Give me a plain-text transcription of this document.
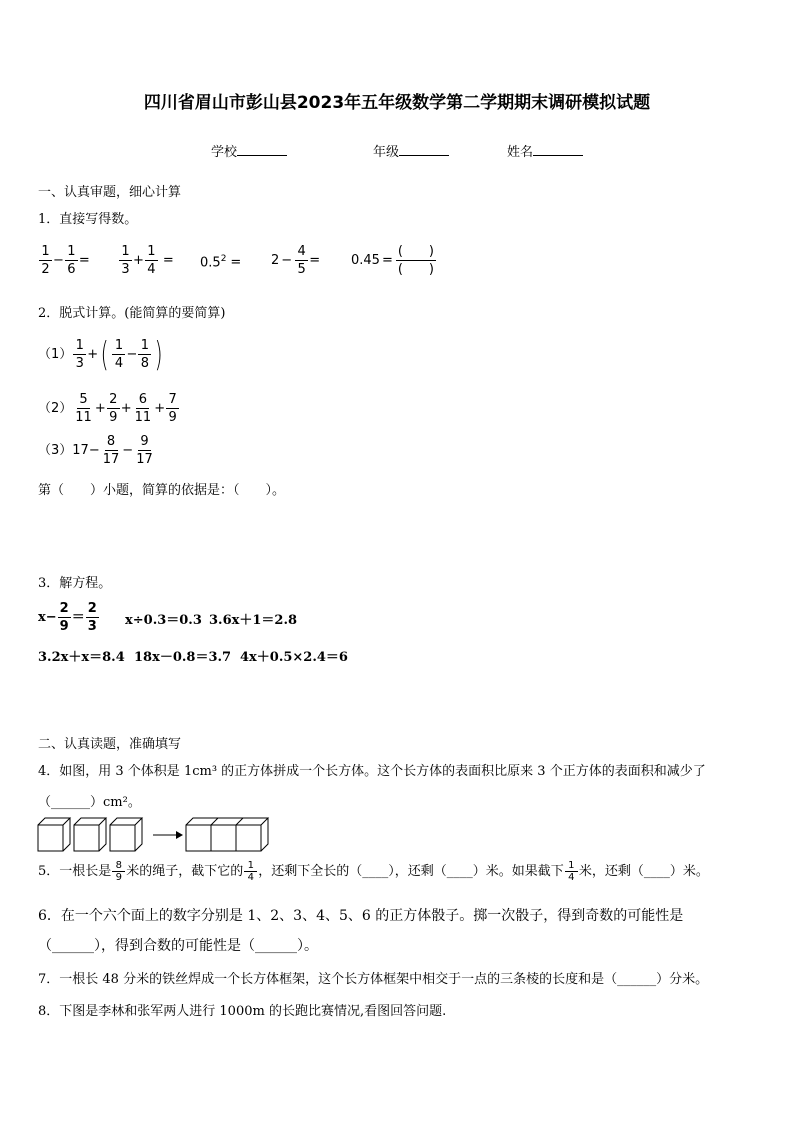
四川省眉山市彭山县2023年五年级数学第二学期期末调研模拟试题
学校	年级	姓名
一、认真审题，细心计算
1．直接写得数。
$\frac{1}{2} - \frac{1}{6} = \frac{1}{3} + \frac{1}{4} = 0.5^2 = 2 - \frac{4}{5} = 0.45 = \frac{( )}{( )}$
2．脱式计算。(能简算的要简算)
$(1) \frac{1}{3}$ +( $\frac{1}{4} - \frac{1}{8}$ )
$(2) \frac{5}{11} + \frac{2}{9} + \frac{6}{11} + \frac{7}{9}$
$(3)17- \frac{8}{17} - \frac{9}{17}$
第（　　）小题，简算的依据是：（　　）。
3．解方程。
$x- \frac{2}{9} = \frac{2}{3} x\div 0.3=0.3$ 3.6x＋1＝2.8
3.2x＋x＝8.4 18x－0.8＝3.7 4x＋0.5×2.4＝6
二、认真读题，准确填写
4．如图，用 3 个体积是 1cm³ 的正方体拼成一个长方体。这个长方体的表面积比原来 3 个正方体的表面积和减少了
（______）cm²。
5．一根长是 $\frac{8}{9}$ 米的绳子，截下它的 $\frac{1}{4}$ ，还剩下全长的（____），还剩（____）米。如果截下 $\frac{1}{4}$ 米，还剩（____）米。
6．在一个六个面上的数字分别是 1、2、3、4、5、6 的正方体骰子。掷一次骰子，得到奇数的可能性是
（______），得到合数的可能性是（______）。
7．一根长 48 分米的铁丝焊成一个长方体框架，这个长方体框架中相交于一点的三条棱的长度和是（______）分米。
8．下图是李林和张军两人进行 1000m 的长跑比赛情况,看图回答问题.
